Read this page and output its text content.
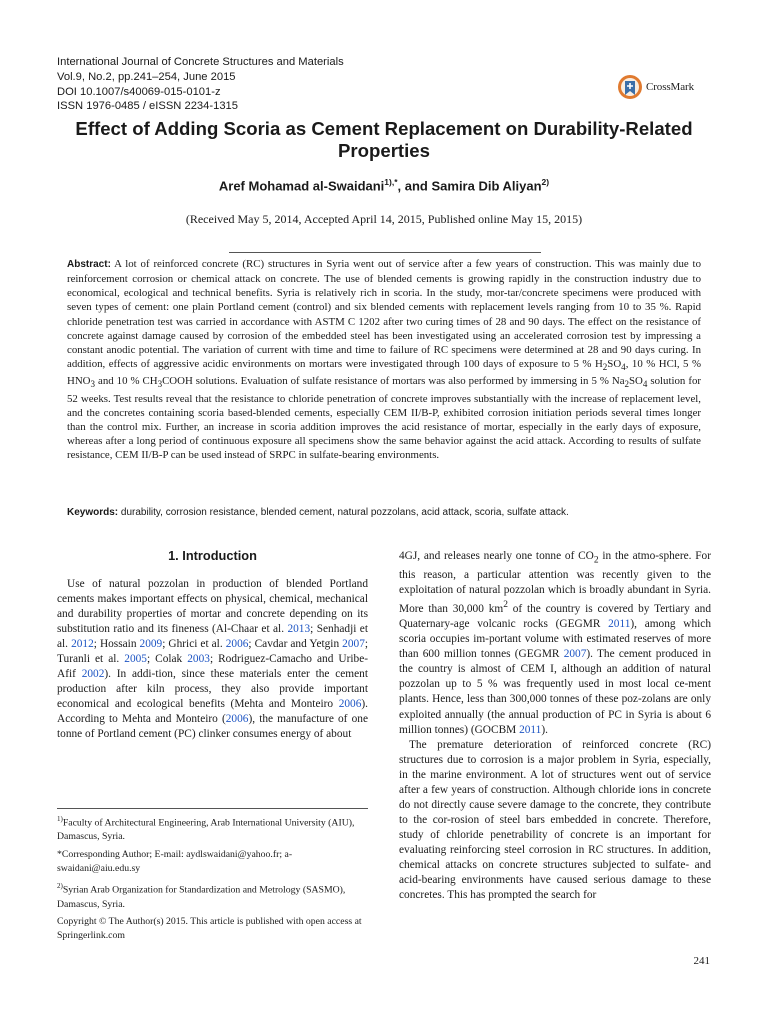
International Journal of Concrete Structures and Materials
Vol.9, No.2, pp.241–254, June 2015
DOI 10.1007/s40069-015-0101-z
ISSN 1976-0485 / eISSN 2234-1315
CrossMark
Effect of Adding Scoria as Cement Replacement on Durability-Related Properties
Aref Mohamad al-Swaidani$^{1),*}$, and Samira Dib Aliyan$^{2)}$
(Received May 5, 2014, Accepted April 14, 2015, Published online May 15, 2015)

Abstract: A lot of reinforced concrete (RC) structures in Syria went out of service after a few years of construction. This was mainly due to reinforcement corrosion or chemical attack on concrete. The use of blended cements is growing rapidly in the construction industry due to economical, ecological and technical benefits. Syria is relatively rich in scoria. In the study, mor-tar/concrete specimens were produced with seven types of cement: one plain Portland cement (control) and six blended cements with replacement levels ranging from 10 to 35 %. Rapid chloride penetration test was carried in accordance with ASTM C 1202 after two curing times of 28 and 90 days. The effect on the resistance of concrete against damage caused by corrosion of the embedded steel has been investigated using an accelerated corrosion test by impressing a constant anodic potential. The variation of current with time and time to failure of RC specimens were determined at 28 and 90 days curing. In addition, effects of aggressive acidic environments on mortars were investigated through 100 days of exposure to 5 % $H_2SO_4$, 10 % HCl, 5 % $HNO_3$ and 10 % $CH_3COOH$ solutions. Evaluation of sulfate resistance of mortars was also performed by immersing in 5 % $Na_2SO_4$ solution for 52 weeks. Test results reveal that the resistance to chloride penetration of concrete improves substantially with the increase of replacement level, and the concretes containing scoria based-blended cements, especially CEM II/B-P, exhibited corrosion initiation periods several times longer than the control mix. Further, an increase in scoria addition improves the acid resistance of mortar, especially in the early days of exposure, whereas after a long period of continuous exposure all specimens show the same behavior against the acid attack. According to results of sulfate resistance, CEM II/B-P can be used instead of SRPC in sulfate-bearing environments.

Keywords: durability, corrosion resistance, blended cement, natural pozzolans, acid attack, scoria, sulfate attack.
1. Introduction

Use of natural pozzolan in production of blended Portland cements makes important effects on physical, chemical, mechanical and durability properties of mortar and concrete depending on its substitution ratio and its fineness (Al-Chaar et al. 2013; Senhadji et al. 2012; Hossain 2009; Ghrici et al. 2006; Cavdar and Yetgin 2007; Turanli et al. 2005; Colak 2003; Rodriguez-Camacho and Uribe-Afif 2002). In addi-tion, since these materials enter the cement production after kiln process, they also provide important economical and ecological benefits (Mehta and Monteiro 2006). According to Mehta and Monteiro (2006), the manufacture of one tonne of Portland cement (PC) clinker consumes energy of about

4GJ, and releases nearly one tonne of $CO_2$ in the atmo-sphere. For this reason, a particular attention was recently given to the exploitation of natural pozzolan which is broadly abundant in Syria. More than 30,000 $km^2$ of the country is covered by Tertiary and Quaternary-age volcanic rocks (GEGMR 2011), among which scoria occupies im-portant volume with estimated reserves of more than 600 million tonnes (GEGMR 2007). The cement produced in the country is almost of CEM I, although an addition of natural pozzolan up to 5 % was frequently used in most local ce-ment plants. Hence, less than 300,000 tonnes of these poz-zolans are only exploited annually (the annual production of PC in Syria is about 6 million tonnes) (GOCBM 2011).

The premature deterioration of reinforced concrete (RC) structures due to corrosion is a major problem in Syria, especially, in the marine environment. A lot of structures went out of service after a few years of construction. Although chloride ions in concrete do not directly cause severe damage to the concrete, they contribute to the cor-rosion of steel bars embedded in concrete. Therefore, study of chloride penetrability of concrete is an important for evaluating reinforcing steel corrosion in RC structures. In addition, chemical attacks on concrete structures subjected to sulfate- and acid-bearing environments have caused serious damage to these concretes. This has prompted the search for

$^{1)}$Faculty of Architectural Engineering, Arab International University (AIU), Damascus, Syria.
*Corresponding Author; E-mail: aydlswaidani@yahoo.fr; a-swaidani@aiu.edu.sy
$^{2)}$Syrian Arab Organization for Standardization and Metrology (SASMO), Damascus, Syria.
Copyright © The Author(s) 2015. This article is published with open access at Springerlink.com
241
